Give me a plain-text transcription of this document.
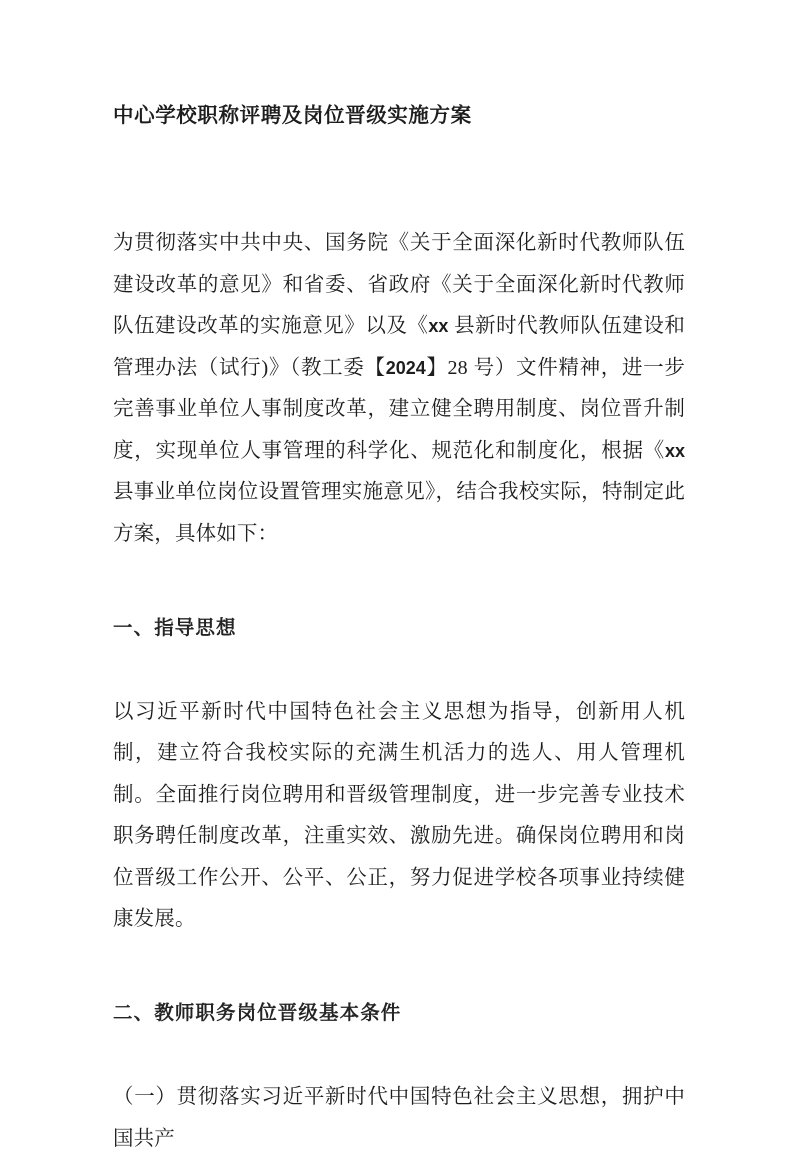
中心学校职称评聘及岗位晋级实施方案

为贯彻落实中共中央、国务院《关于全面深化新时代教师队伍建设改革的意见》和省委、省政府《关于全面深化新时代教师队伍建设改革的实施意见》以及《xx 县新时代教师队伍建设和管理办法（试行)》（教工委【2024】28 号）文件精神，进一步完善事业单位人事制度改革，建立健全聘用制度、岗位晋升制度，实现单位人事管理的科学化、规范化和制度化，根据《xx 县事业单位岗位设置管理实施意见》，结合我校实际，特制定此方案，具体如下：

一、指导思想

以习近平新时代中国特色社会主义思想为指导，创新用人机制，建立符合我校实际的充满生机活力的选人、用人管理机制。全面推行岗位聘用和晋级管理制度，进一步完善专业技术职务聘任制度改革，注重实效、激励先进。确保岗位聘用和岗位晋级工作公开、公平、公正，努力促进学校各项事业持续健康发展。

二、教师职务岗位晋级基本条件

（一）贯彻落实习近平新时代中国特色社会主义思想，拥护中国共产
